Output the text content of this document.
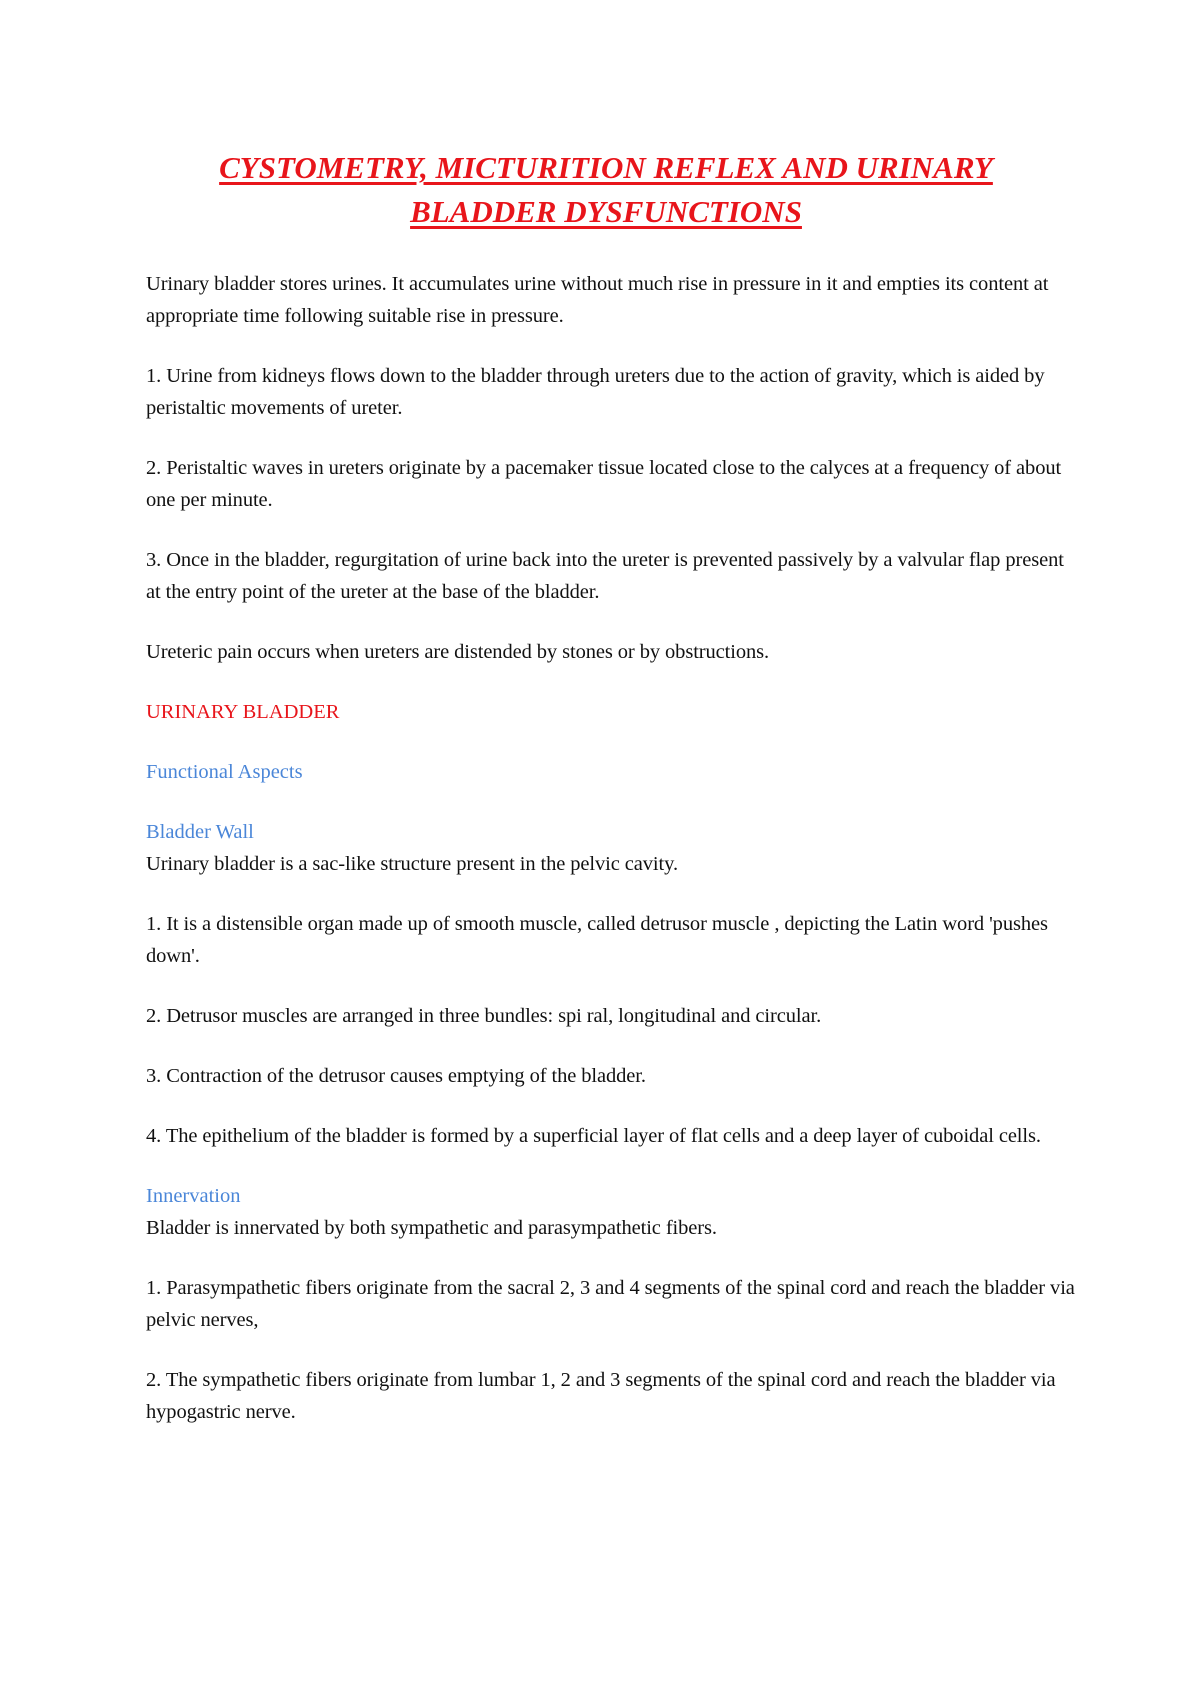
CYSTOMETRY, MICTURITION REFLEX AND URINARY
BLADDER DYSFUNCTIONS

Urinary bladder stores urines. It accumulates urine without much rise in pressure in it and empties its content at appropriate time following suitable rise in pressure.

1. Urine from kidneys flows down to the bladder through ureters due to the action of gravity, which is aided by peristaltic movements of ureter.

2. Peristaltic waves in ureters originate by a pacemaker tissue located close to the calyces at a frequency of about one per minute.

3. Once in the bladder, regurgitation of urine back into the ureter is prevented passively by a valvular flap present at the entry point of the ureter at the base of the bladder.

Ureteric pain occurs when ureters are distended by stones or by obstructions.

URINARY BLADDER

Functional Aspects

Bladder Wall

Urinary bladder is a sac-like structure present in the pelvic cavity.

1. It is a distensible organ made up of smooth muscle, called detrusor muscle , depicting the Latin word 'pushes down'.

2. Detrusor muscles are arranged in three bundles: spi ral, longitudinal and circular.

3. Contraction of the detrusor causes emptying of the bladder.

4. The epithelium of the bladder is formed by a superficial layer of flat cells and a deep layer of cuboidal cells.

Innervation

Bladder is innervated by both sympathetic and parasympathetic fibers.

1. Parasympathetic fibers originate from the sacral 2, 3 and 4 segments of the spinal cord and reach the bladder via pelvic nerves,

2. The sympathetic fibers originate from lumbar 1, 2 and 3 segments of the spinal cord and reach the bladder via hypogastric nerve.
